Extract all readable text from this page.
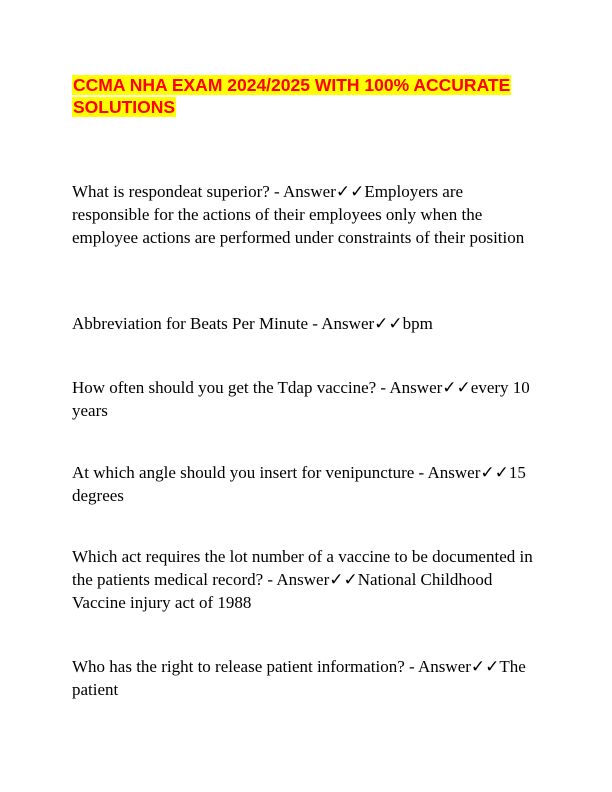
CCMA NHA EXAM 2024/2025 WITH 100% ACCURATE SOLUTIONS

What is respondeat superior? - Answer✓✓Employers are responsible for the actions of their employees only when the employee actions are performed under constraints of their position

Abbreviation for Beats Per Minute - Answer✓✓bpm

How often should you get the Tdap vaccine? - Answer✓✓every 10 years

At which angle should you insert for venipuncture - Answer✓✓15 degrees

Which act requires the lot number of a vaccine to be documented in the patients medical record? - Answer✓✓National Childhood Vaccine injury act of 1988

Who has the right to release patient information? - Answer✓✓The patient
